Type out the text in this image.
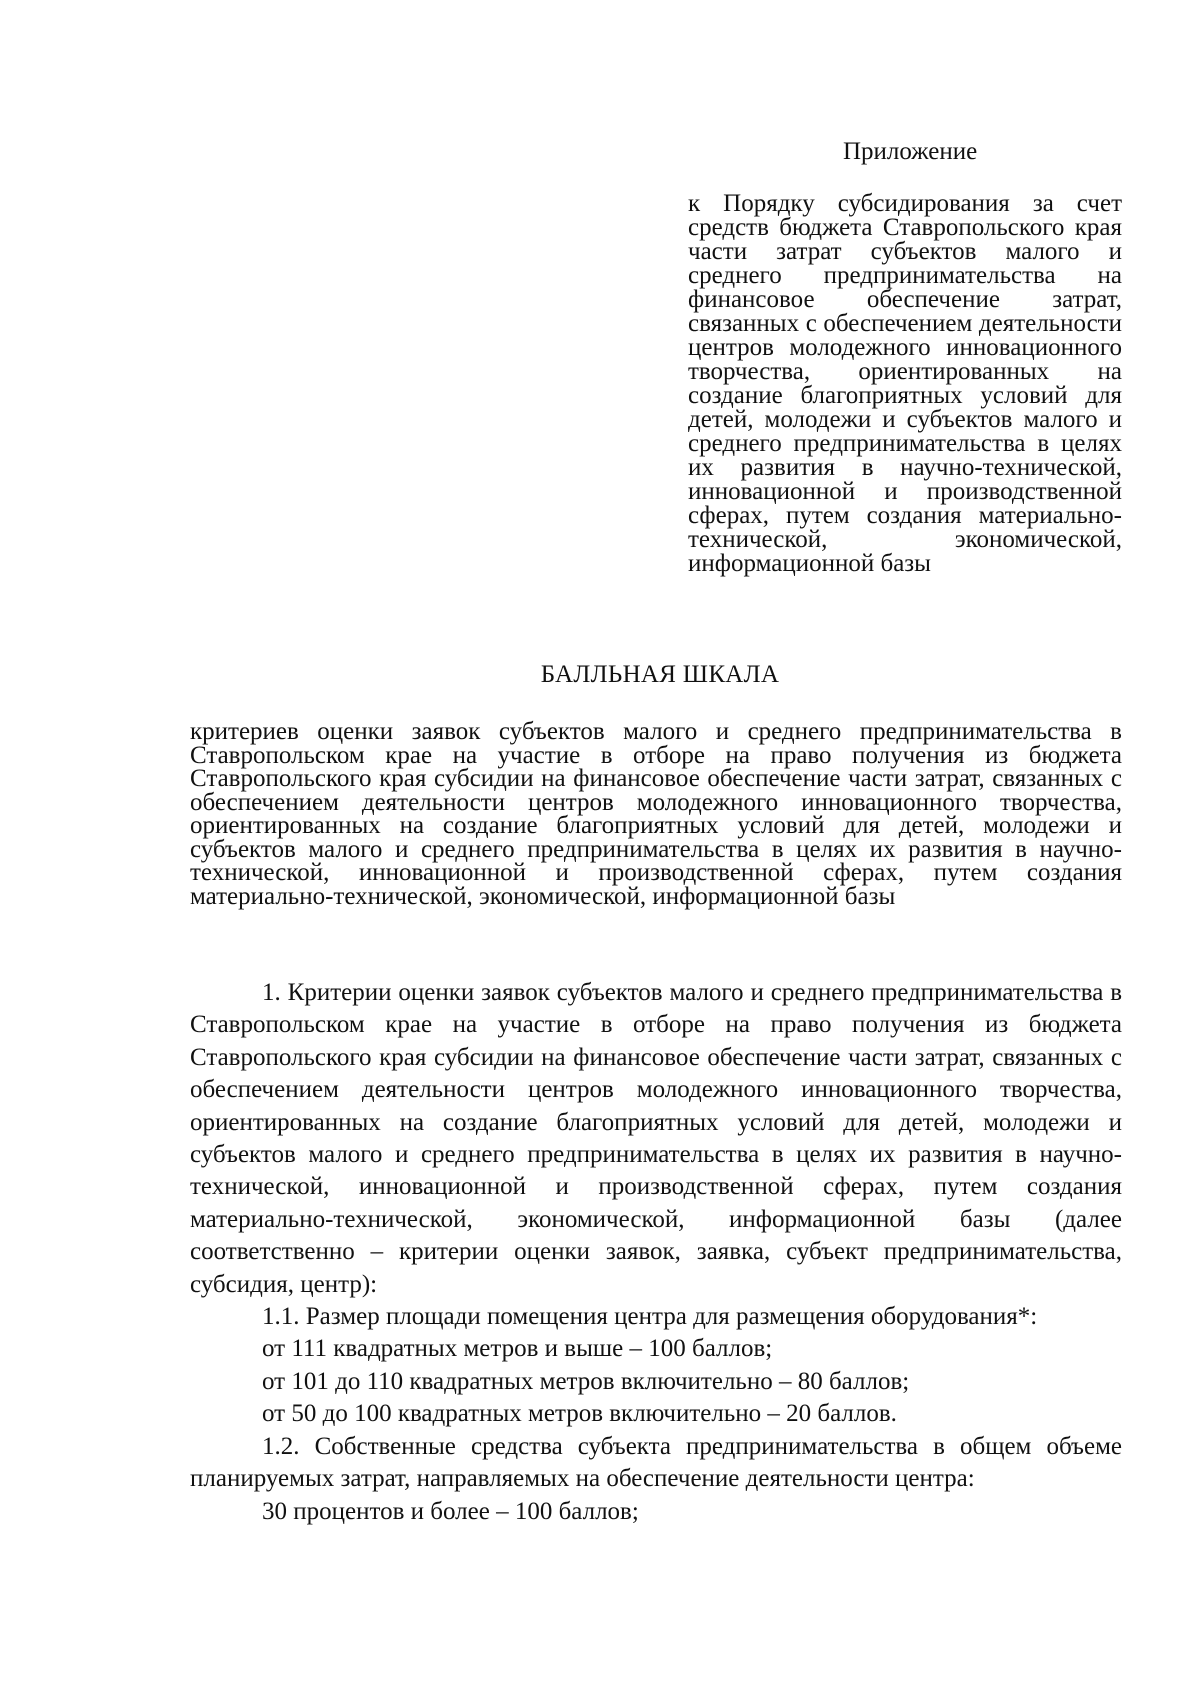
Приложение
к Порядку субсидирования за счет средств бюджета Ставропольского края части затрат субъектов малого и среднего предпринимательства на финансовое обеспечение затрат, связанных с обеспечением деятельности центров молодежного инновационного творчества, ориентированных на создание благоприятных условий для детей, молодежи и субъектов малого и среднего предпринимательства в целях их развития в научно-технической, инновационной и производственной сферах, путем создания материально-технической, экономической, информационной базы
БАЛЛЬНАЯ ШКАЛА
критериев оценки заявок субъектов малого и среднего предпринимательства в Ставропольском крае на участие в отборе на право получения из бюджета Ставропольского края субсидии на финансовое обеспечение части затрат, связанных с обеспечением деятельности центров молодежного инновационного творчества, ориентированных на создание благоприятных условий для детей, молодежи и субъектов малого и среднего предпринимательства в целях их развития в научно-технической, инновационной и производственной сферах, путем создания материально-технической, экономической, информационной базы

1. Критерии оценки заявок субъектов малого и среднего предпринимательства в Ставропольском крае на участие в отборе на право получения из бюджета Ставропольского края субсидии на финансовое обеспечение части затрат, связанных с обеспечением деятельности центров молодежного инновационного творчества, ориентированных на создание благоприятных условий для детей, молодежи и субъектов малого и среднего предпринимательства в целях их развития в научно-технической, инновационной и производственной сферах, путем создания материально-технической, экономической, информационной базы (далее соответственно – критерии оценки заявок, заявка, субъект предпринимательства, субсидия, центр):

1.1. Размер площади помещения центра для размещения оборудования*:

от 111 квадратных метров и выше – 100 баллов;

от 101 до 110 квадратных метров включительно – 80 баллов;

от 50 до 100 квадратных метров включительно – 20 баллов.

1.2. Собственные средства субъекта предпринимательства в общем объеме планируемых затрат, направляемых на обеспечение деятельности центра:

30 процентов и более – 100 баллов;
